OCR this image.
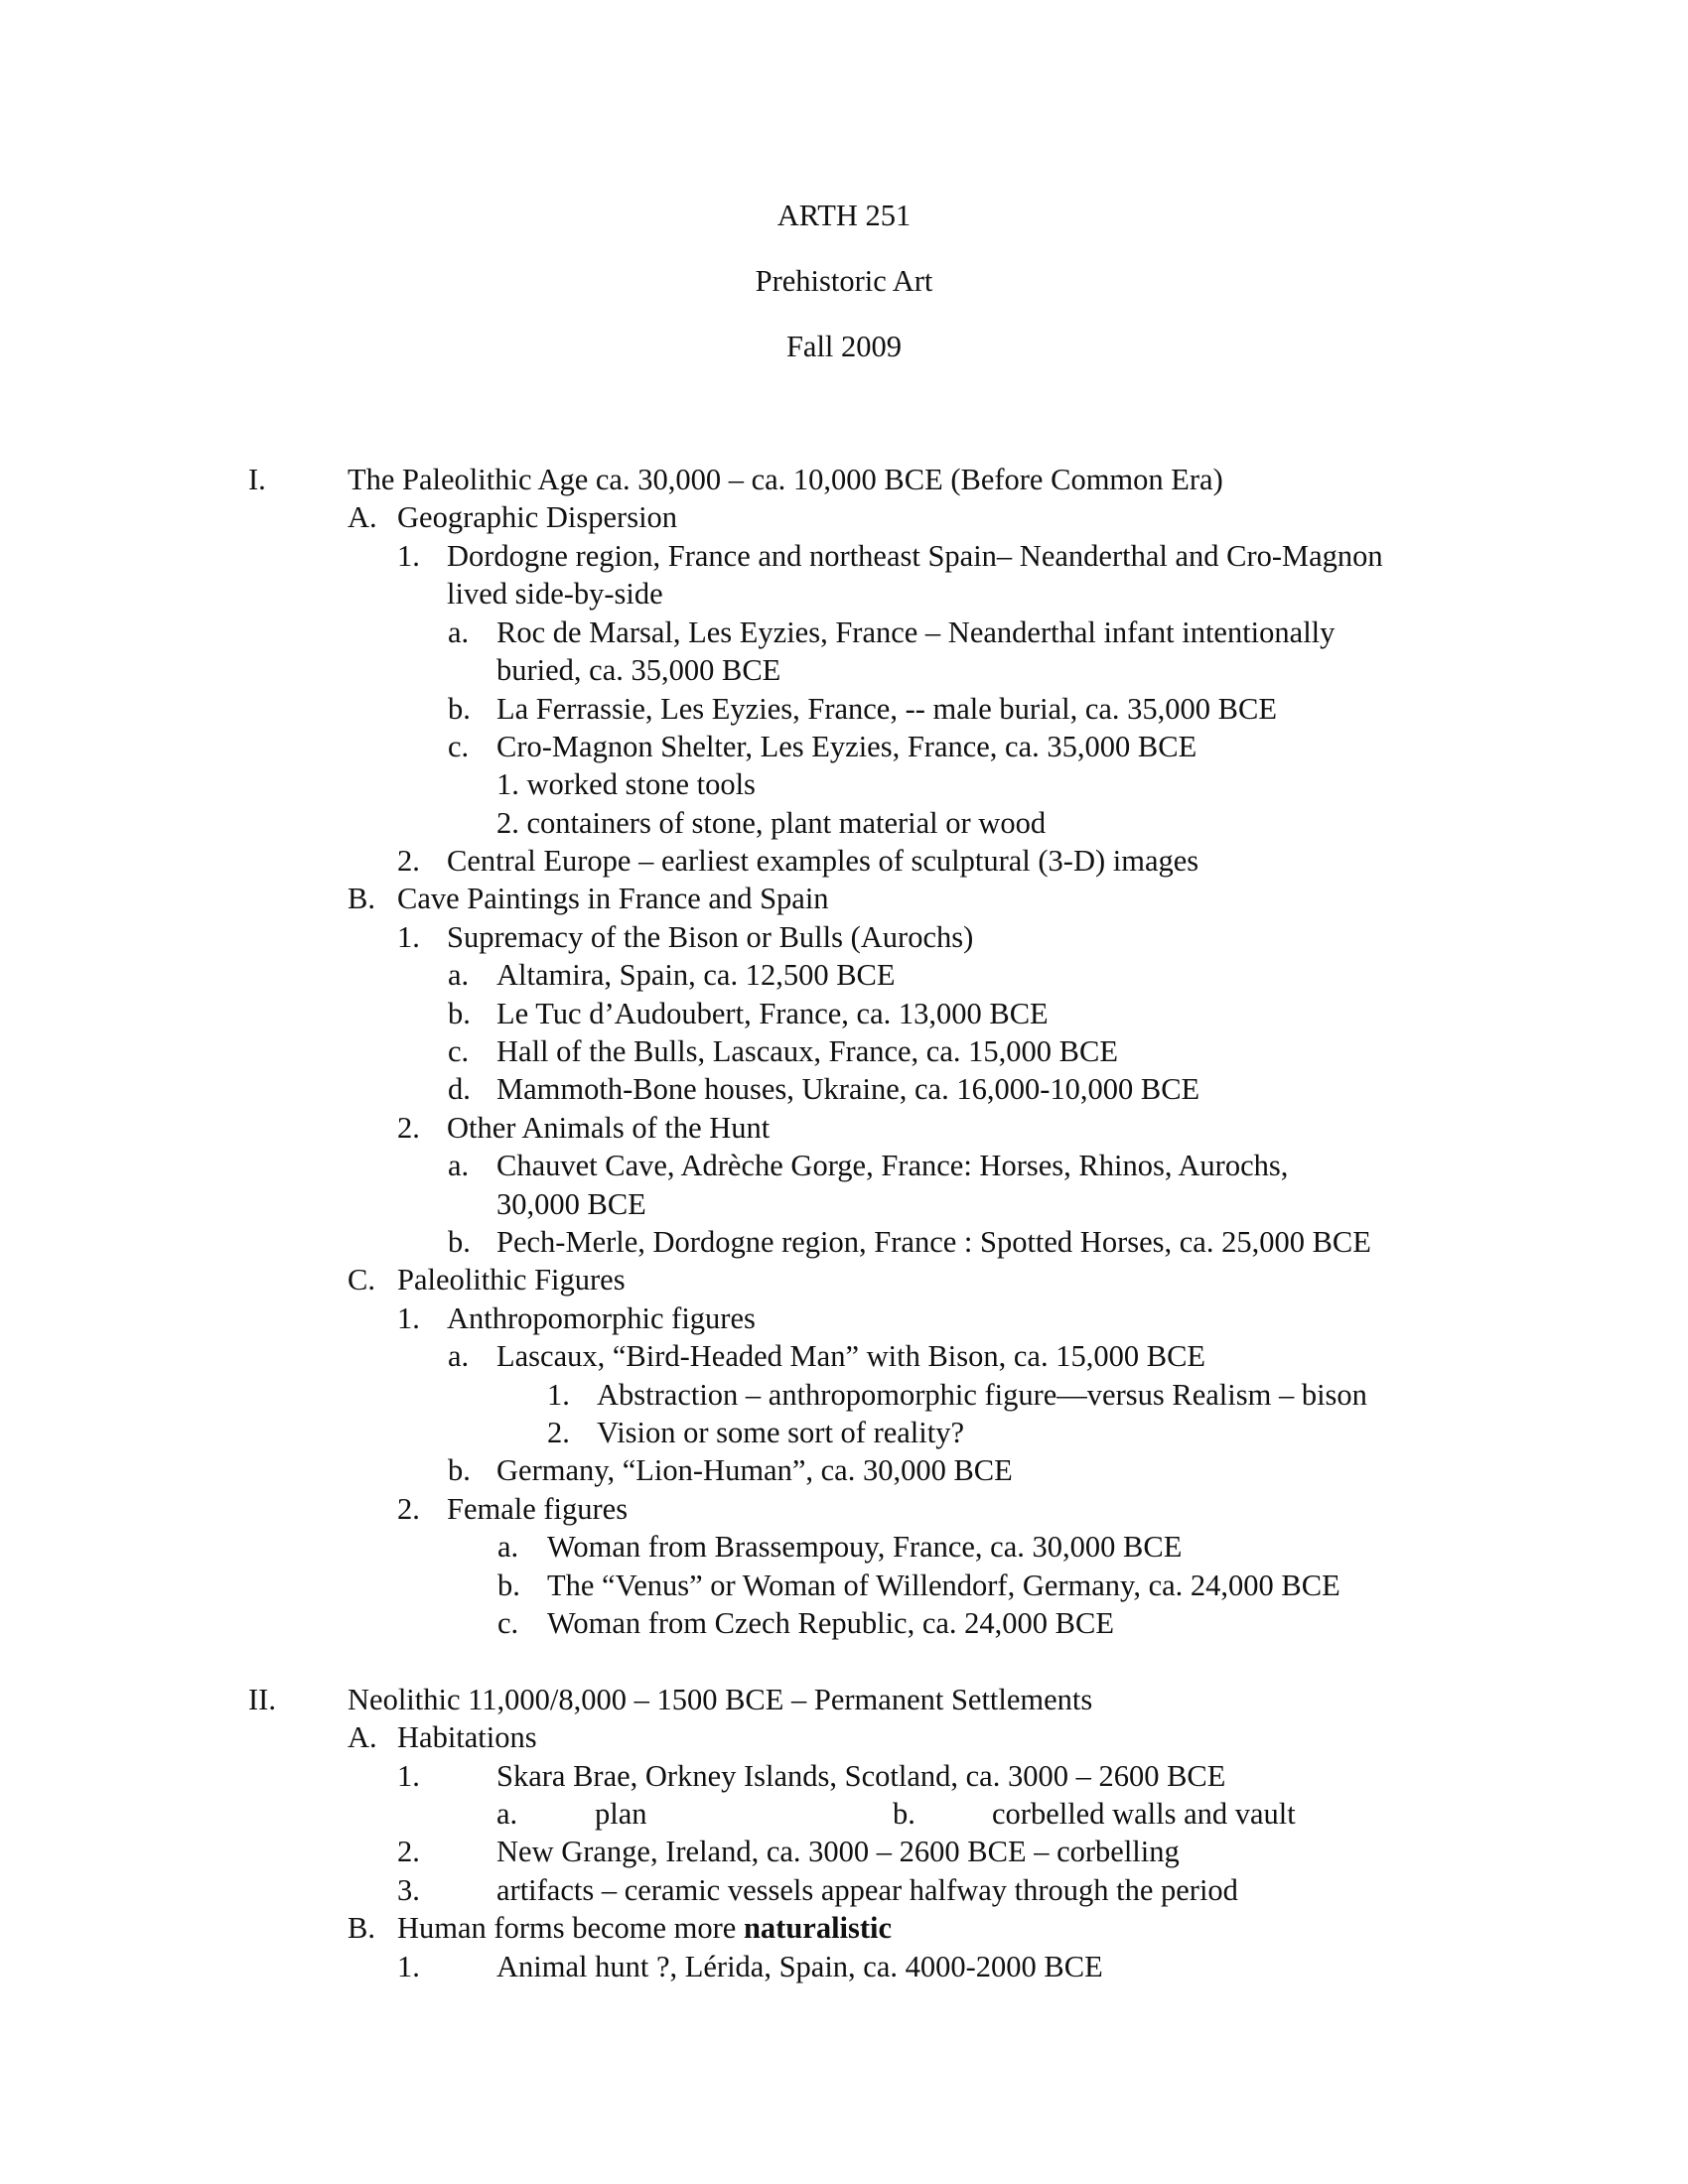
ARTH 251
Prehistoric Art
Fall 2009
I.	The Paleolithic Age ca. 30,000 – ca. 10,000 BCE (Before Common Era)
A. Geographic Dispersion
1. Dordogne region, France and northeast Spain– Neanderthal and Cro-Magnon
lived side-by-side
a. Roc de Marsal, Les Eyzies, France – Neanderthal infant intentionally
buried, ca. 35,000 BCE
b. La Ferrassie, Les Eyzies, France, -- male burial, ca. 35,000 BCE
c. Cro-Magnon Shelter, Les Eyzies, France, ca. 35,000 BCE
1. worked stone tools
2. containers of stone, plant material or wood
2. Central Europe – earliest examples of sculptural (3-D) images
B. Cave Paintings in France and Spain
1. Supremacy of the Bison or Bulls (Aurochs)
a. Altamira, Spain, ca. 12,500 BCE
b. Le Tuc d’Audoubert, France, ca. 13,000 BCE
c. Hall of the Bulls, Lascaux, France, ca. 15,000 BCE
d. Mammoth-Bone houses, Ukraine, ca. 16,000-10,000 BCE
2. Other Animals of the Hunt
a. Chauvet Cave, Adrèche Gorge, France: Horses, Rhinos, Aurochs,
30,000 BCE
b. Pech-Merle, Dordogne region, France : Spotted Horses, ca. 25,000 BCE
C. Paleolithic Figures
1. Anthropomorphic figures
a. Lascaux, “Bird-Headed Man” with Bison, ca. 15,000 BCE
1. Abstraction – anthropomorphic figure—versus Realism – bison
2. Vision or some sort of reality?
b. Germany, “Lion-Human”, ca. 30,000 BCE
2. Female figures
a. Woman from Brassempouy, France, ca. 30,000 BCE
b. The “Venus” or Woman of Willendorf, Germany, ca. 24,000 BCE
c. Woman from Czech Republic, ca. 24,000 BCE
II. Neolithic 11,000/8,000 – 1500 BCE – Permanent Settlements
A. Habitations
1.	Skara Brae, Orkney Islands, Scotland, ca. 3000 – 2600 BCE
a.	plan	b.	corbelled walls and vault
2.	New Grange, Ireland, ca. 3000 – 2600 BCE – corbelling
3.	artifacts – ceramic vessels appear halfway through the period
B. Human forms become more naturalistic
1.	Animal hunt ?, Lérida, Spain, ca. 4000-2000 BCE
